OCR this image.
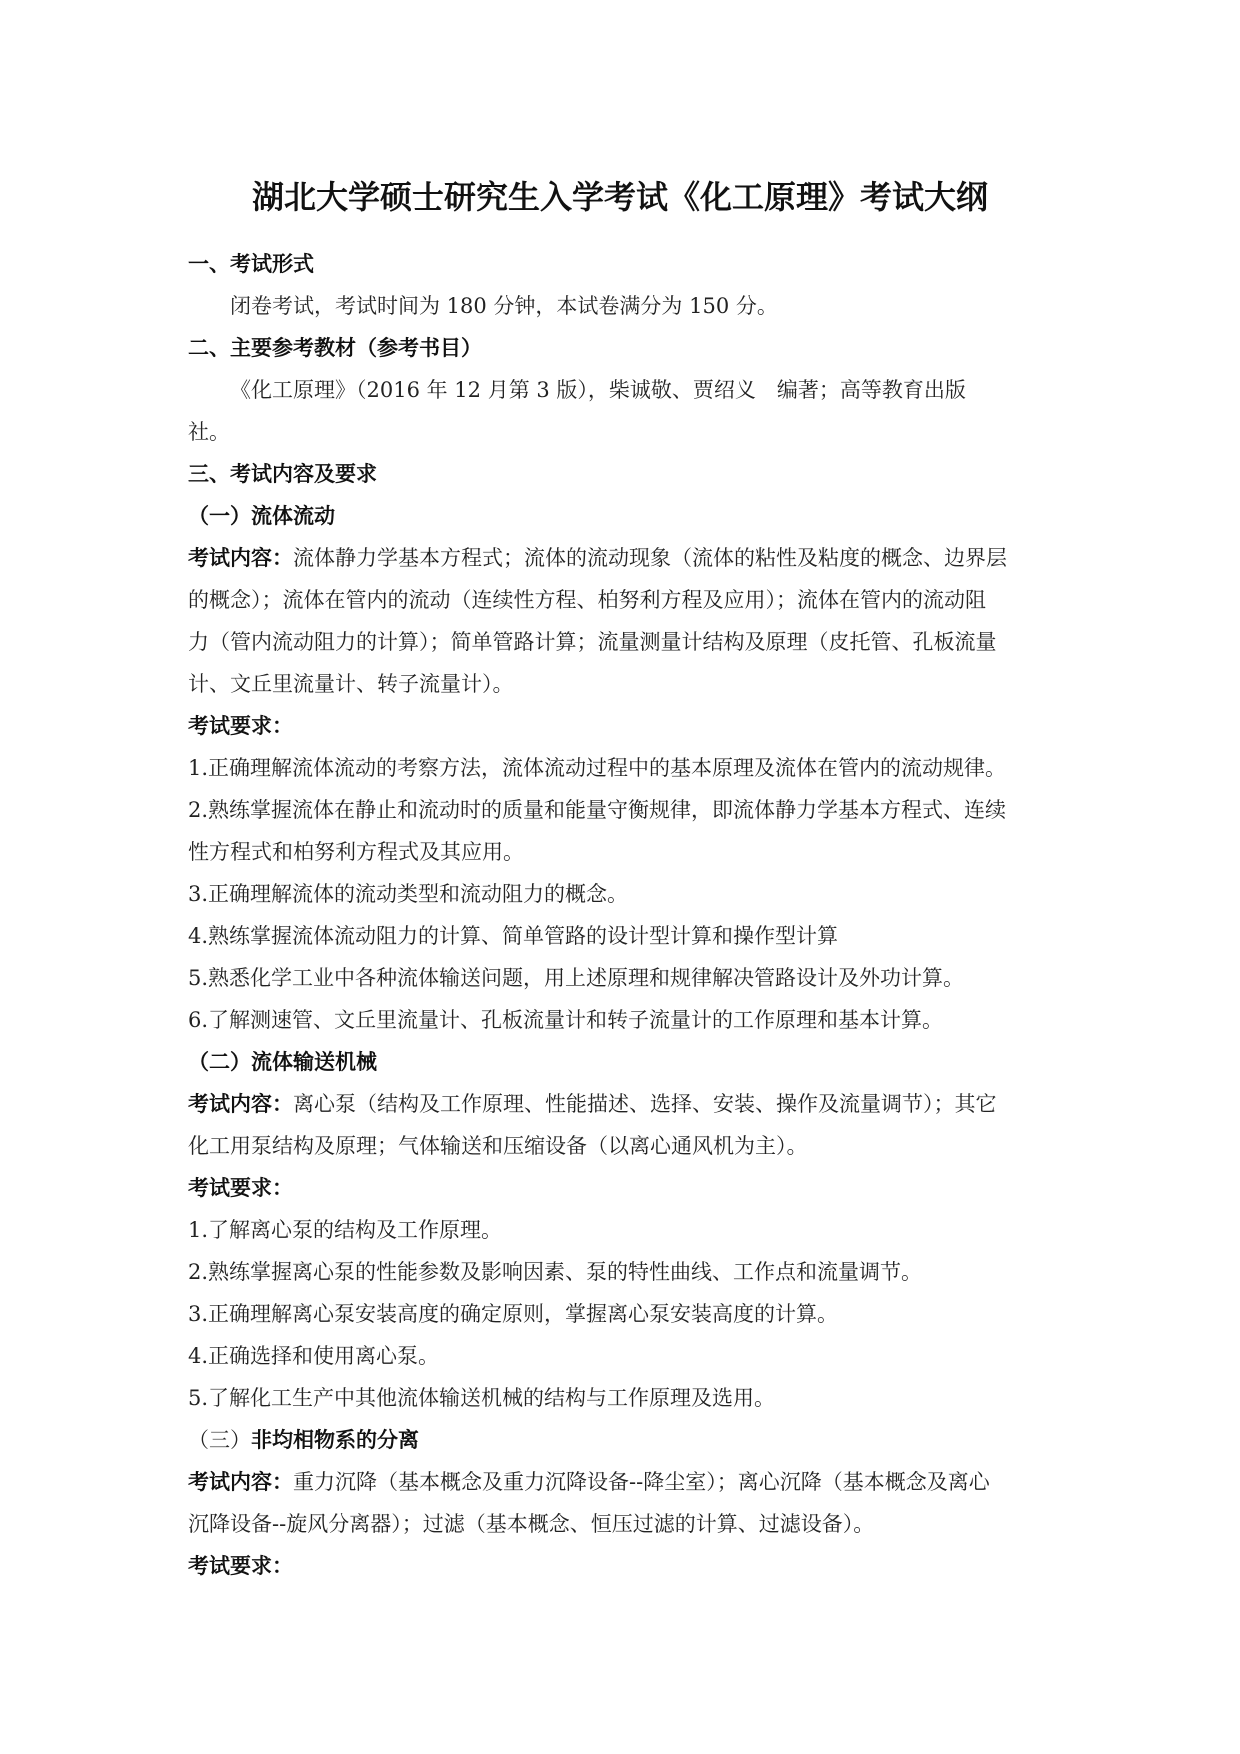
湖北大学硕士研究生入学考试《化工原理》考试大纲
一、考试形式
闭卷考试，考试时间为 180 分钟，本试卷满分为 150 分。
二、主要参考教材（参考书目）
《化工原理》（2016 年 12 月第 3 版），柴诚敬、贾绍义　编著；高等教育出版
社。
三、考试内容及要求
（一）流体流动
考试内容：流体静力学基本方程式；流体的流动现象（流体的粘性及粘度的概念、边界层
的概念）；流体在管内的流动（连续性方程、柏努利方程及应用）；流体在管内的流动阻
力（管内流动阻力的计算）；简单管路计算；流量测量计结构及原理（皮托管、孔板流量
计、文丘里流量计、转子流量计）。
考试要求：
1.正确理解流体流动的考察方法，流体流动过程中的基本原理及流体在管内的流动规律。
2.熟练掌握流体在静止和流动时的质量和能量守衡规律，即流体静力学基本方程式、连续
性方程式和柏努利方程式及其应用。
3.正确理解流体的流动类型和流动阻力的概念。
4.熟练掌握流体流动阻力的计算、简单管路的设计型计算和操作型计算
5.熟悉化学工业中各种流体输送问题，用上述原理和规律解决管路设计及外功计算。
6.了解测速管、文丘里流量计、孔板流量计和转子流量计的工作原理和基本计算。
（二）流体输送机械
考试内容：离心泵（结构及工作原理、性能描述、选择、安装、操作及流量调节）；其它
化工用泵结构及原理；气体输送和压缩设备（以离心通风机为主）。
考试要求：
1.了解离心泵的结构及工作原理。
2.熟练掌握离心泵的性能参数及影响因素、泵的特性曲线、工作点和流量调节。
3.正确理解离心泵安装高度的确定原则，掌握离心泵安装高度的计算。
4.正确选择和使用离心泵。
5.了解化工生产中其他流体输送机械的结构与工作原理及选用。
（三）非均相物系的分离
考试内容：重力沉降（基本概念及重力沉降设备--降尘室）；离心沉降（基本概念及离心
沉降设备--旋风分离器）；过滤（基本概念、恒压过滤的计算、过滤设备）。
考试要求：
